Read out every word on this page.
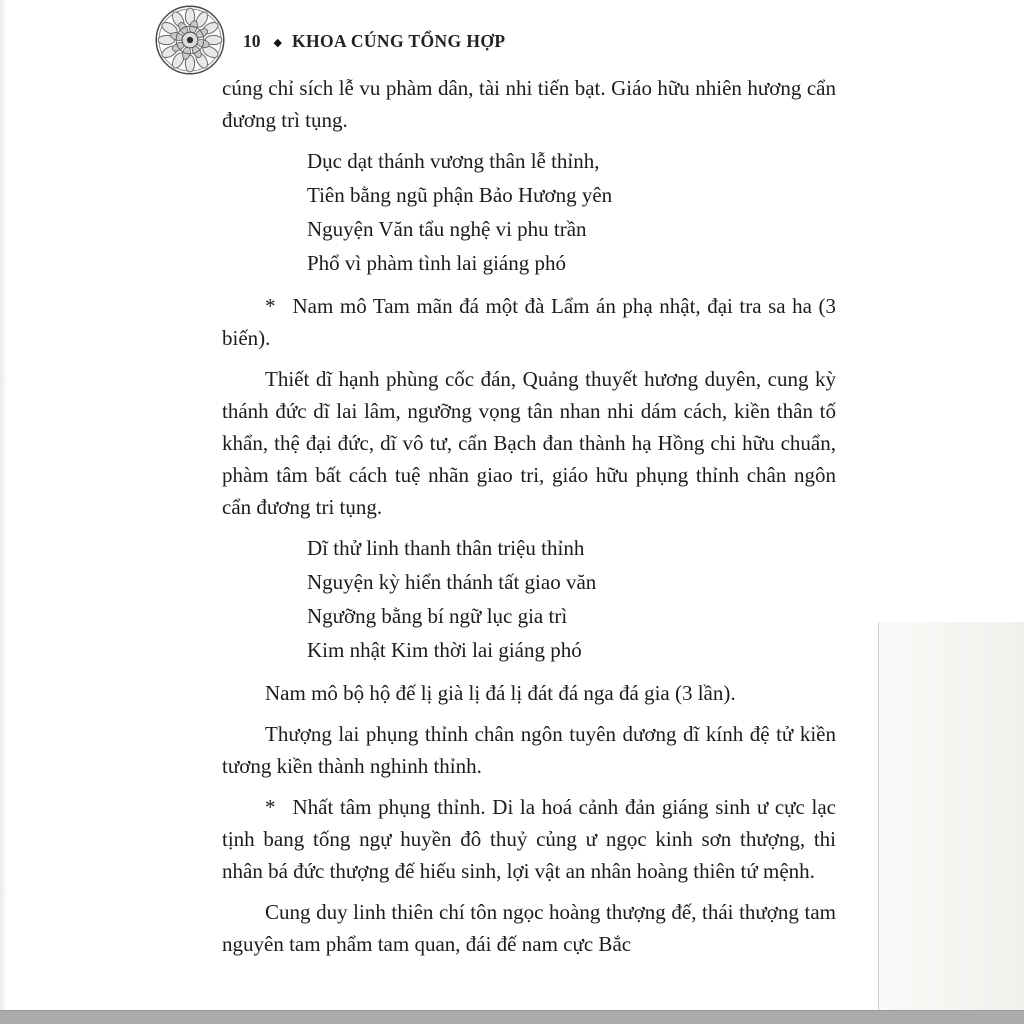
10 ◆ KHOA CÚNG TỔNG HỢP

cúng chỉ sích lễ vu phàm dân, tài nhi tiến bạt. Giáo hữu nhiên hương cẩn đương trì tụng.

Dục dạt thánh vương thân lễ thỉnh,

Tiên bằng ngũ phận Bảo Hương yên

Nguyện Văn tẩu nghệ vi phu trần

Phổ vì phàm tình lai giáng phó

* Nam mô Tam mãn đá một đà Lẩm án phạ nhật, đại tra sa ha (3 biến).

Thiết dĩ hạnh phùng cốc đán, Quảng thuyết hương duyên, cung kỳ thánh đức dĩ lai lâm, ngưỡng vọng tân nhan nhi dám cách, kiền thân tố khẩn, thệ đại đức, dĩ vô tư, cẩn Bạch đan thành hạ Hồng chi hữu chuẩn, phàm tâm bất cách tuệ nhãn giao tri, giáo hữu phụng thỉnh chân ngôn cẩn đương tri tụng.

Dĩ thử linh thanh thân triệu thỉnh

Nguyện kỳ hiển thánh tất giao văn

Ngưỡng bằng bí ngữ lục gia trì

Kim nhật Kim thời lai giáng phó

Nam mô bộ hộ đế lị già lị đá lị đát đá nga đá gia (3 lần).

Thượng lai phụng thỉnh chân ngôn tuyên dương dĩ kính đệ tử kiền tương kiền thành nghinh thỉnh.

* Nhất tâm phụng thỉnh. Di la hoá cảnh đản giáng sinh ư cực lạc tịnh bang tống ngự huyền đô thuỷ củng ư ngọc kinh sơn thượng, thi nhân bá đức thượng đế hiếu sinh, lợi vật an nhân hoàng thiên tứ mệnh.

Cung duy linh thiên chí tôn ngọc hoàng thượng đế, thái thượng tam nguyên tam phẩm tam quan, đái đế nam cực Bắc
